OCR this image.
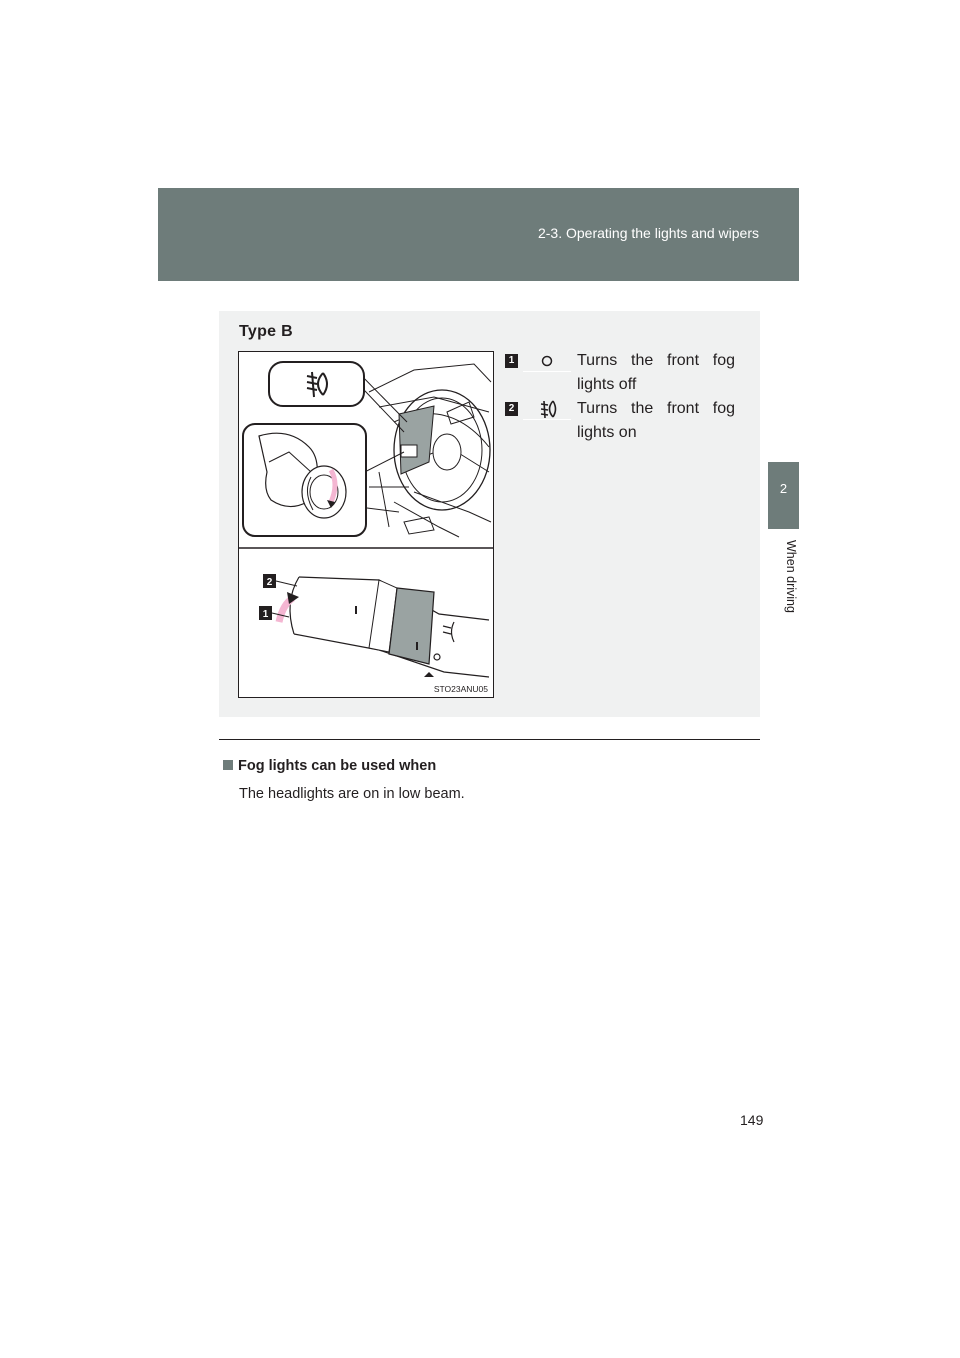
2-3. Operating the lights and wipers
2
When driving
Type B
2
1
STO23ANU05
1	Turns the front fog lights off
2	Turns the front fog lights on
Fog lights can be used when
The headlights are on in low beam.
149
